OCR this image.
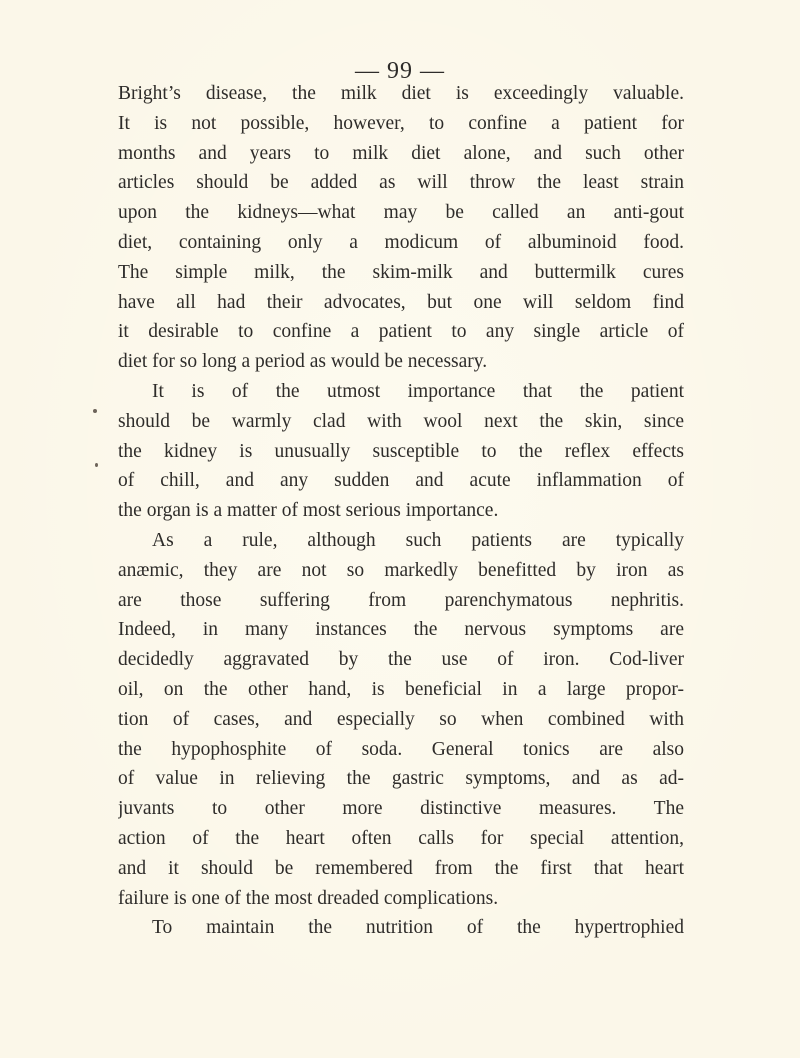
— 99 —
Bright’s disease, the milk diet is exceedingly valuable.
It is not possible, however, to confine a patient for
months and years to milk diet alone, and such other
articles should be added as will throw the least strain
upon the kidneys—what may be called an anti-gout
diet, containing only a modicum of albuminoid food.
The simple milk, the skim-milk and buttermilk cures
have all had their advocates, but one will seldom find
it desirable to confine a patient to any single article of
diet for so long a period as would be necessary.
It is of the utmost importance that the patient
should be warmly clad with wool next the skin, since
the kidney is unusually susceptible to the reflex effects
of chill, and any sudden and acute inflammation of
the organ is a matter of most serious importance.
As a rule, although such patients are typically
anæmic, they are not so markedly benefitted by iron as
are those suffering from parenchymatous nephritis.
Indeed, in many instances the nervous symptoms are
decidedly aggravated by the use of iron. Cod-liver
oil, on the other hand, is beneficial in a large propor-
tion of cases, and especially so when combined with
the hypophosphite of soda. General tonics are also
of value in relieving the gastric symptoms, and as ad-
juvants to other more distinctive measures. The
action of the heart often calls for special attention,
and it should be remembered from the first that heart
failure is one of the most dreaded complications.
To maintain the nutrition of the hypertrophied
